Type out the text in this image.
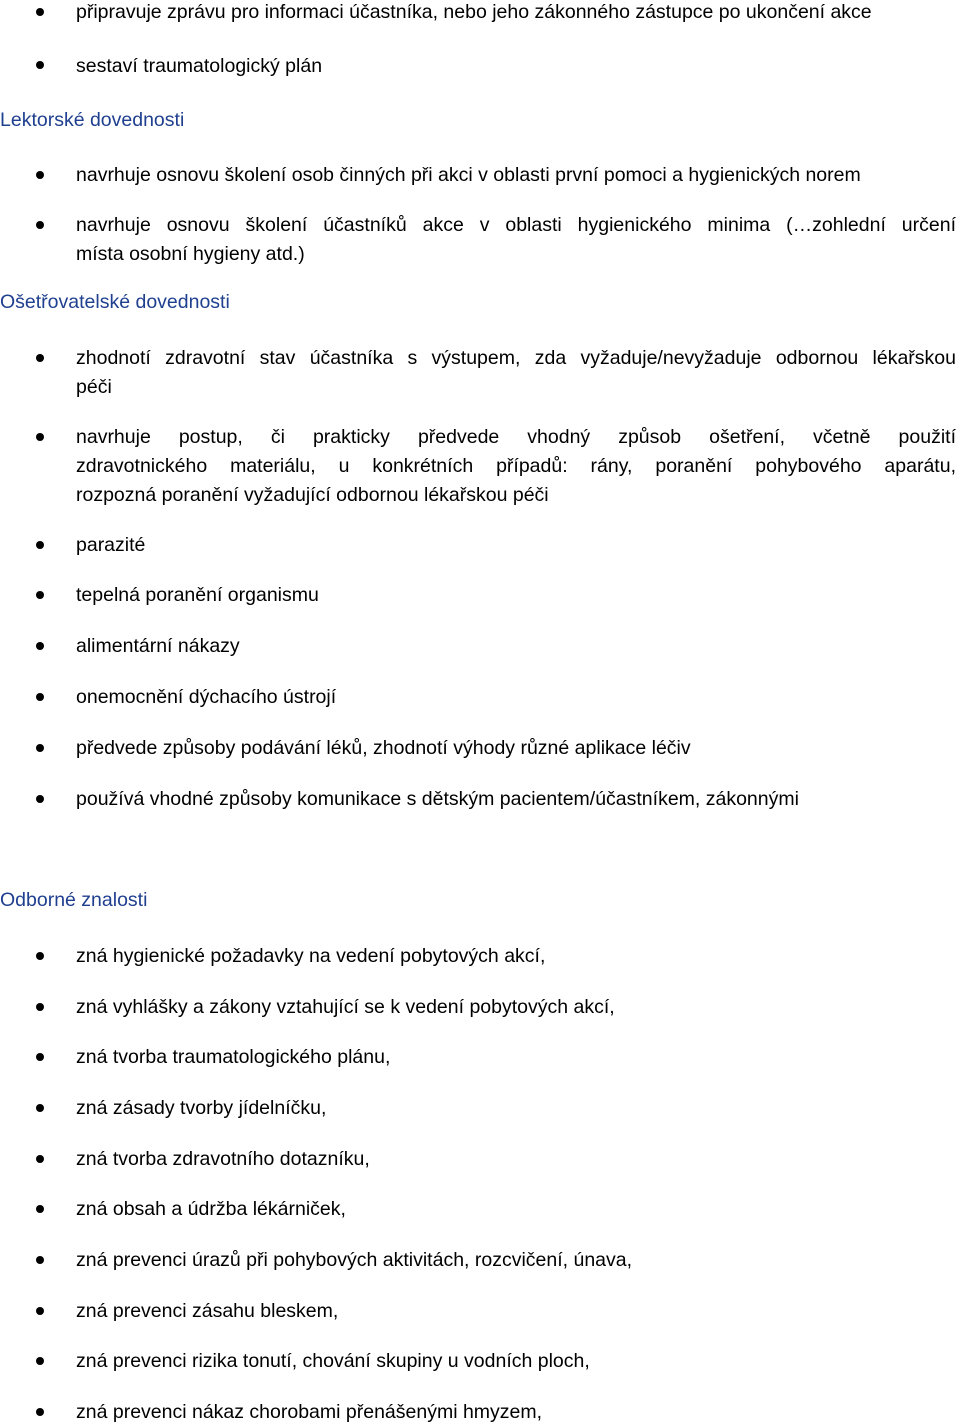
připravuje zprávu pro informaci účastníka, nebo jeho zákonného zástupce po ukončení akce
sestaví traumatologický plán
Lektorské dovednosti
navrhuje osnovu školení osob činných při akci v oblasti první pomoci a hygienických norem
navrhuje osnovu školení účastníků akce v oblasti hygienického minima (…zohlední určení
místa osobní hygieny atd.)
Ošetřovatelské dovednosti
zhodnotí zdravotní stav účastníka s výstupem, zda vyžaduje/nevyžaduje odbornou lékařskou
péči
navrhuje postup, či prakticky předvede vhodný způsob ošetření, včetně použití
zdravotnického materiálu, u konkrétních případů: rány, poranění pohybového aparátu,
rozpozná poranění vyžadující odbornou lékařskou péči
parazité
tepelná poranění organismu
alimentární nákazy
onemocnění dýchacího ústrojí
předvede způsoby podávání léků, zhodnotí výhody různé aplikace léčiv
používá vhodné způsoby komunikace s dětským pacientem/účastníkem, zákonnými
Odborné znalosti
zná hygienické požadavky na vedení pobytových akcí,
zná vyhlášky a zákony vztahující se k vedení pobytových akcí,
zná tvorba traumatologického plánu,
zná zásady tvorby jídelníčku,
zná tvorba zdravotního dotazníku,
zná obsah a údržba lékárniček,
zná prevenci úrazů při pohybových aktivitách, rozcvičení, únava,
zná prevenci zásahu bleskem,
zná prevenci rizika tonutí, chování skupiny u vodních ploch,
zná prevenci nákaz chorobami přenášenými hmyzem,
